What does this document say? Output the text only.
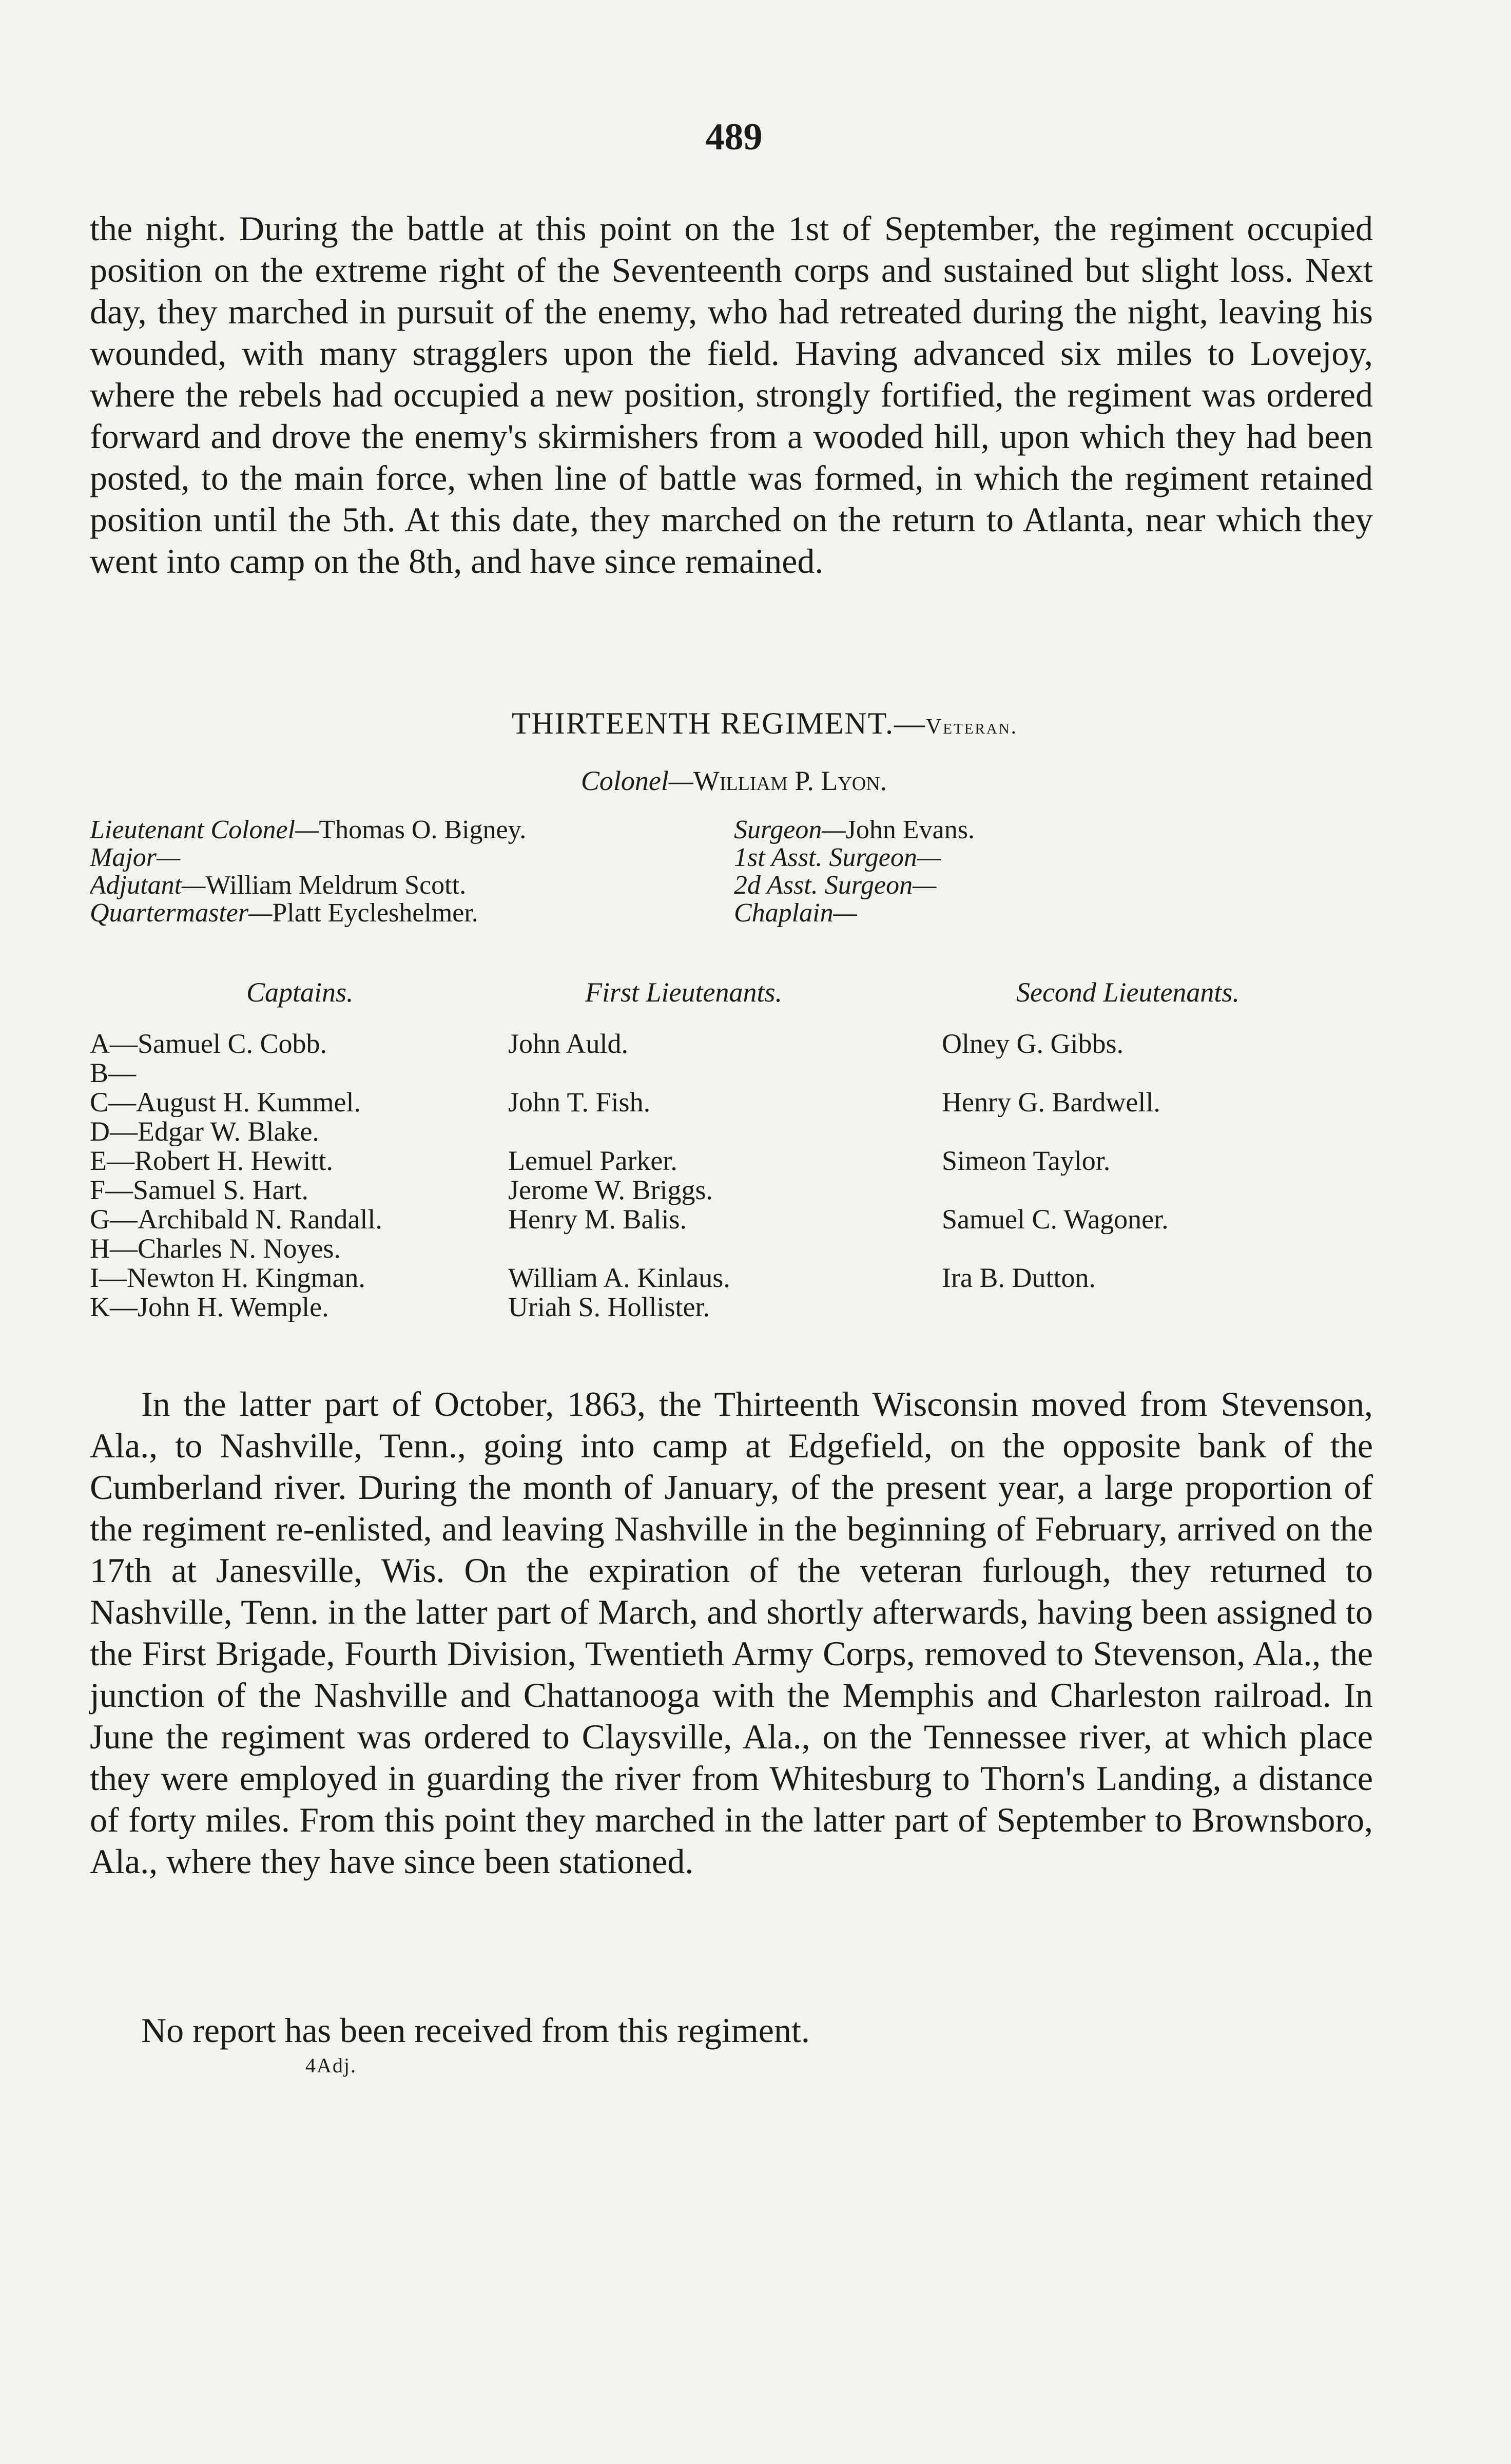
489
the night. During the battle at this point on the 1st of September, the regiment occupied position on the extreme right of the Seventeenth corps and sustained but slight loss. Next day, they marched in pursuit of the enemy, who had retreated during the night, leaving his wounded, with many stragglers upon the field. Having advanced six miles to Lovejoy, where the rebels had occupied a new position, strongly fortified, the regiment was ordered forward and drove the enemy's skirmishers from a wooded hill, upon which they had been posted, to the main force, when line of battle was formed, in which the regiment retained position until the 5th. At this date, they marched on the return to Atlanta, near which they went into camp on the 8th, and have since remained.
THIRTEENTH REGIMENT.—Veteran.
Colonel—William P. Lyon.
Lieutenant Colonel—Thomas O. Bigney.	Surgeon—John Evans.
Major—	1st Asst. Surgeon—
Adjutant—William Meldrum Scott.	2d Asst. Surgeon—
Quartermaster—Platt Eycleshelmer.	Chaplain—
Captains.	First Lieutenants.	Second Lieutenants.
A—Samuel C. Cobb.	John Auld.	Olney G. Gibbs.
B—
C—August H. Kummel.	John T. Fish.	Henry G. Bardwell.
D—Edgar W. Blake.
E—Robert H. Hewitt.	Lemuel Parker.	Simeon Taylor.
F—Samuel S. Hart.	Jerome W. Briggs.
G—Archibald N. Randall.	Henry M. Balis.	Samuel C. Wagoner.
H—Charles N. Noyes.
I—Newton H. Kingman.	William A. Kinlaus.	Ira B. Dutton.
K—John H. Wemple.	Uriah S. Hollister.
In the latter part of October, 1863, the Thirteenth Wisconsin moved from Stevenson, Ala., to Nashville, Tenn., going into camp at Edgefield, on the opposite bank of the Cumberland river. During the month of January, of the present year, a large proportion of the regiment re-enlisted, and leaving Nashville in the beginning of February, arrived on the 17th at Janesville, Wis. On the expiration of the veteran furlough, they returned to Nashville, Tenn. in the latter part of March, and shortly afterwards, having been assigned to the First Brigade, Fourth Division, Twentieth Army Corps, removed to Stevenson, Ala., the junction of the Nashville and Chattanooga with the Memphis and Charleston railroad. In June the regiment was ordered to Claysville, Ala., on the Tennessee river, at which place they were employed in guarding the river from Whitesburg to Thorn's Landing, a distance of forty miles. From this point they marched in the latter part of September to Brownsboro, Ala., where they have since been stationed.
No report has been received from this regiment.
4Adj.
